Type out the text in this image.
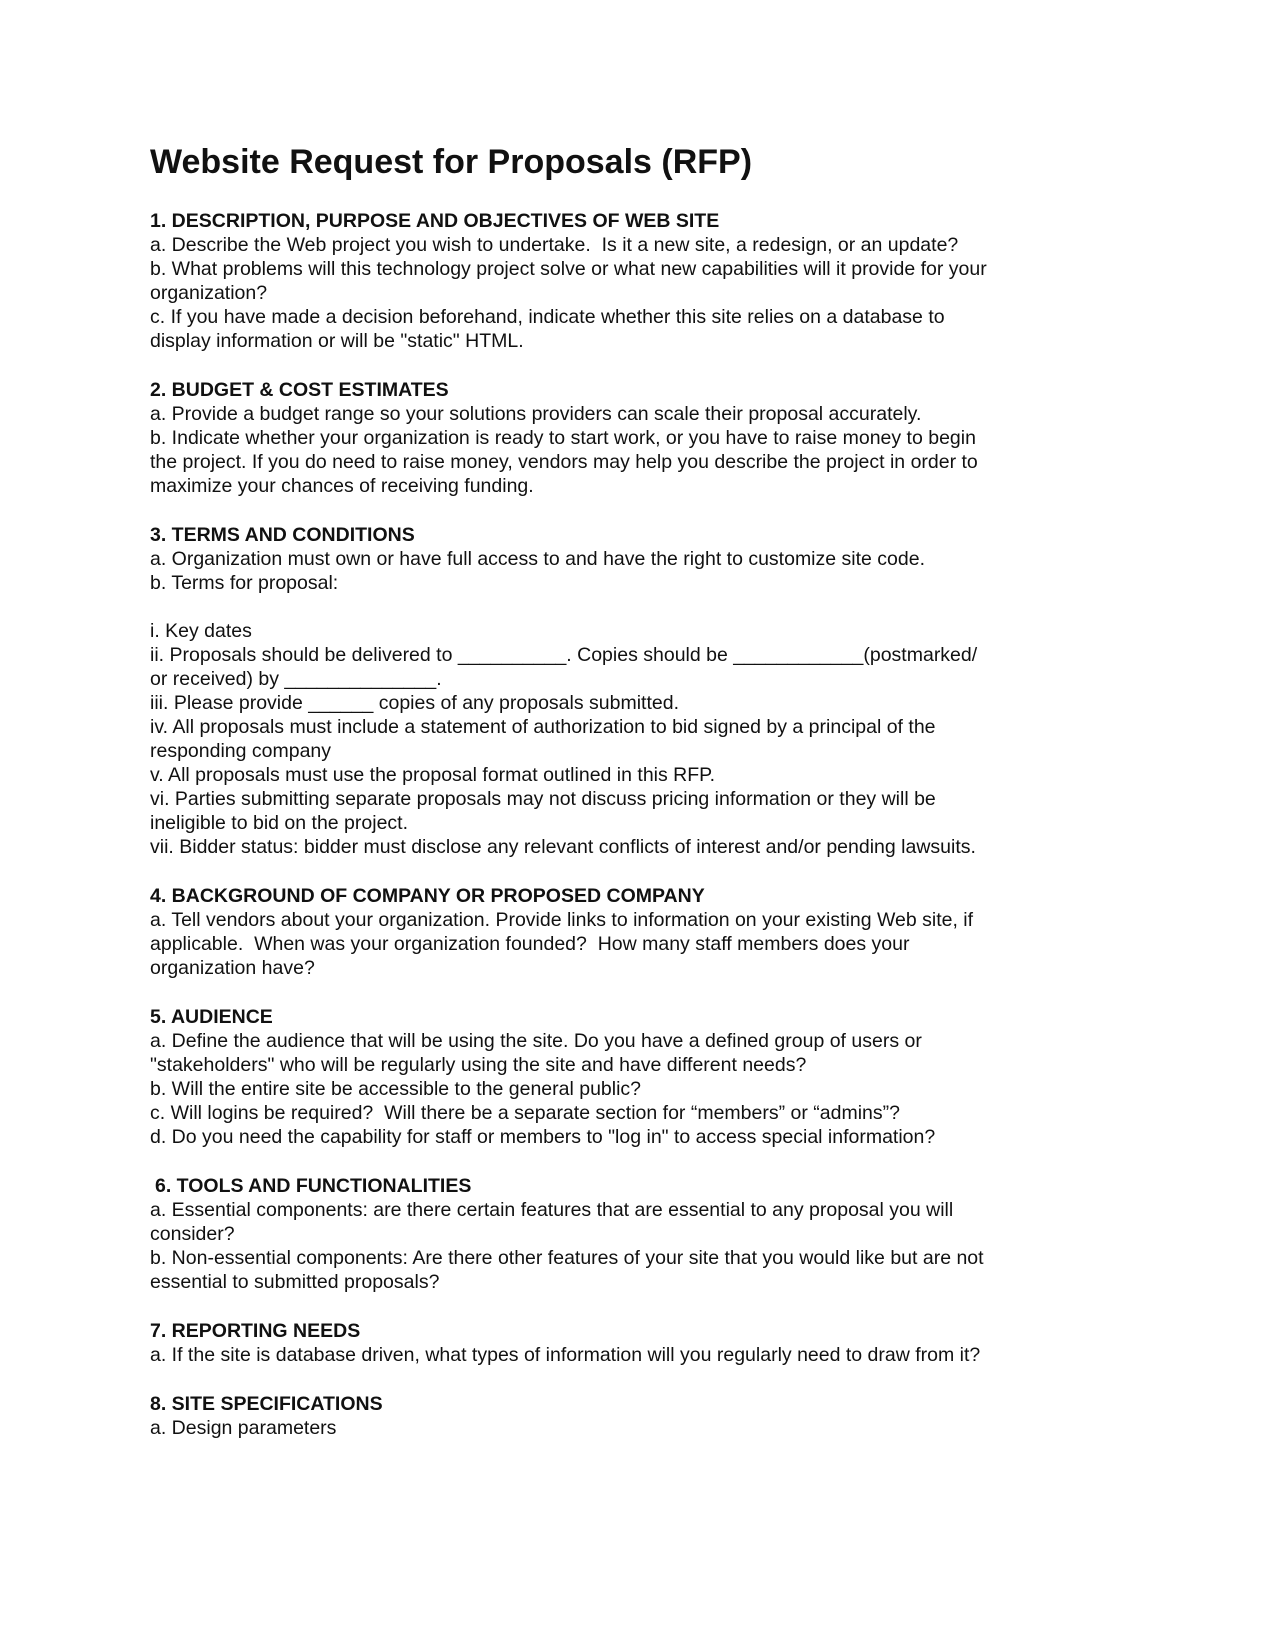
Website Request for Proposals (RFP)

1. DESCRIPTION, PURPOSE AND OBJECTIVES OF WEB SITE

a. Describe the Web project you wish to undertake.  Is it a new site, a redesign, or an update?

b. What problems will this technology project solve or what new capabilities will it provide for your

organization?

c. If you have made a decision beforehand, indicate whether this site relies on a database to

display information or will be "static" HTML.

2. BUDGET & COST ESTIMATES

a. Provide a budget range so your solutions providers can scale their proposal accurately.

b. Indicate whether your organization is ready to start work, or you have to raise money to begin

the project. If you do need to raise money, vendors may help you describe the project in order to

maximize your chances of receiving funding.

3. TERMS AND CONDITIONS

a. Organization must own or have full access to and have the right to customize site code.

b. Terms for proposal:

i. Key dates

ii. Proposals should be delivered to __________. Copies should be ____________(postmarked/

or received) by ______________.

iii. Please provide ______ copies of any proposals submitted.

iv. All proposals must include a statement of authorization to bid signed by a principal of the

responding company

v. All proposals must use the proposal format outlined in this RFP.

vi. Parties submitting separate proposals may not discuss pricing information or they will be

ineligible to bid on the project.

vii. Bidder status: bidder must disclose any relevant conflicts of interest and/or pending lawsuits.

4. BACKGROUND OF COMPANY OR PROPOSED COMPANY

a. Tell vendors about your organization. Provide links to information on your existing Web site, if

applicable.  When was your organization founded?  How many staff members does your

organization have?

5. AUDIENCE

a. Define the audience that will be using the site. Do you have a defined group of users or

"stakeholders" who will be regularly using the site and have different needs?

b. Will the entire site be accessible to the general public?

c. Will logins be required?  Will there be a separate section for “members” or “admins”?

d. Do you need the capability for staff or members to "log in" to access special information?

6. TOOLS AND FUNCTIONALITIES

a. Essential components: are there certain features that are essential to any proposal you will

consider?

b. Non-essential components: Are there other features of your site that you would like but are not

essential to submitted proposals?

7. REPORTING NEEDS

a. If the site is database driven, what types of information will you regularly need to draw from it?

8. SITE SPECIFICATIONS

a. Design parameters
